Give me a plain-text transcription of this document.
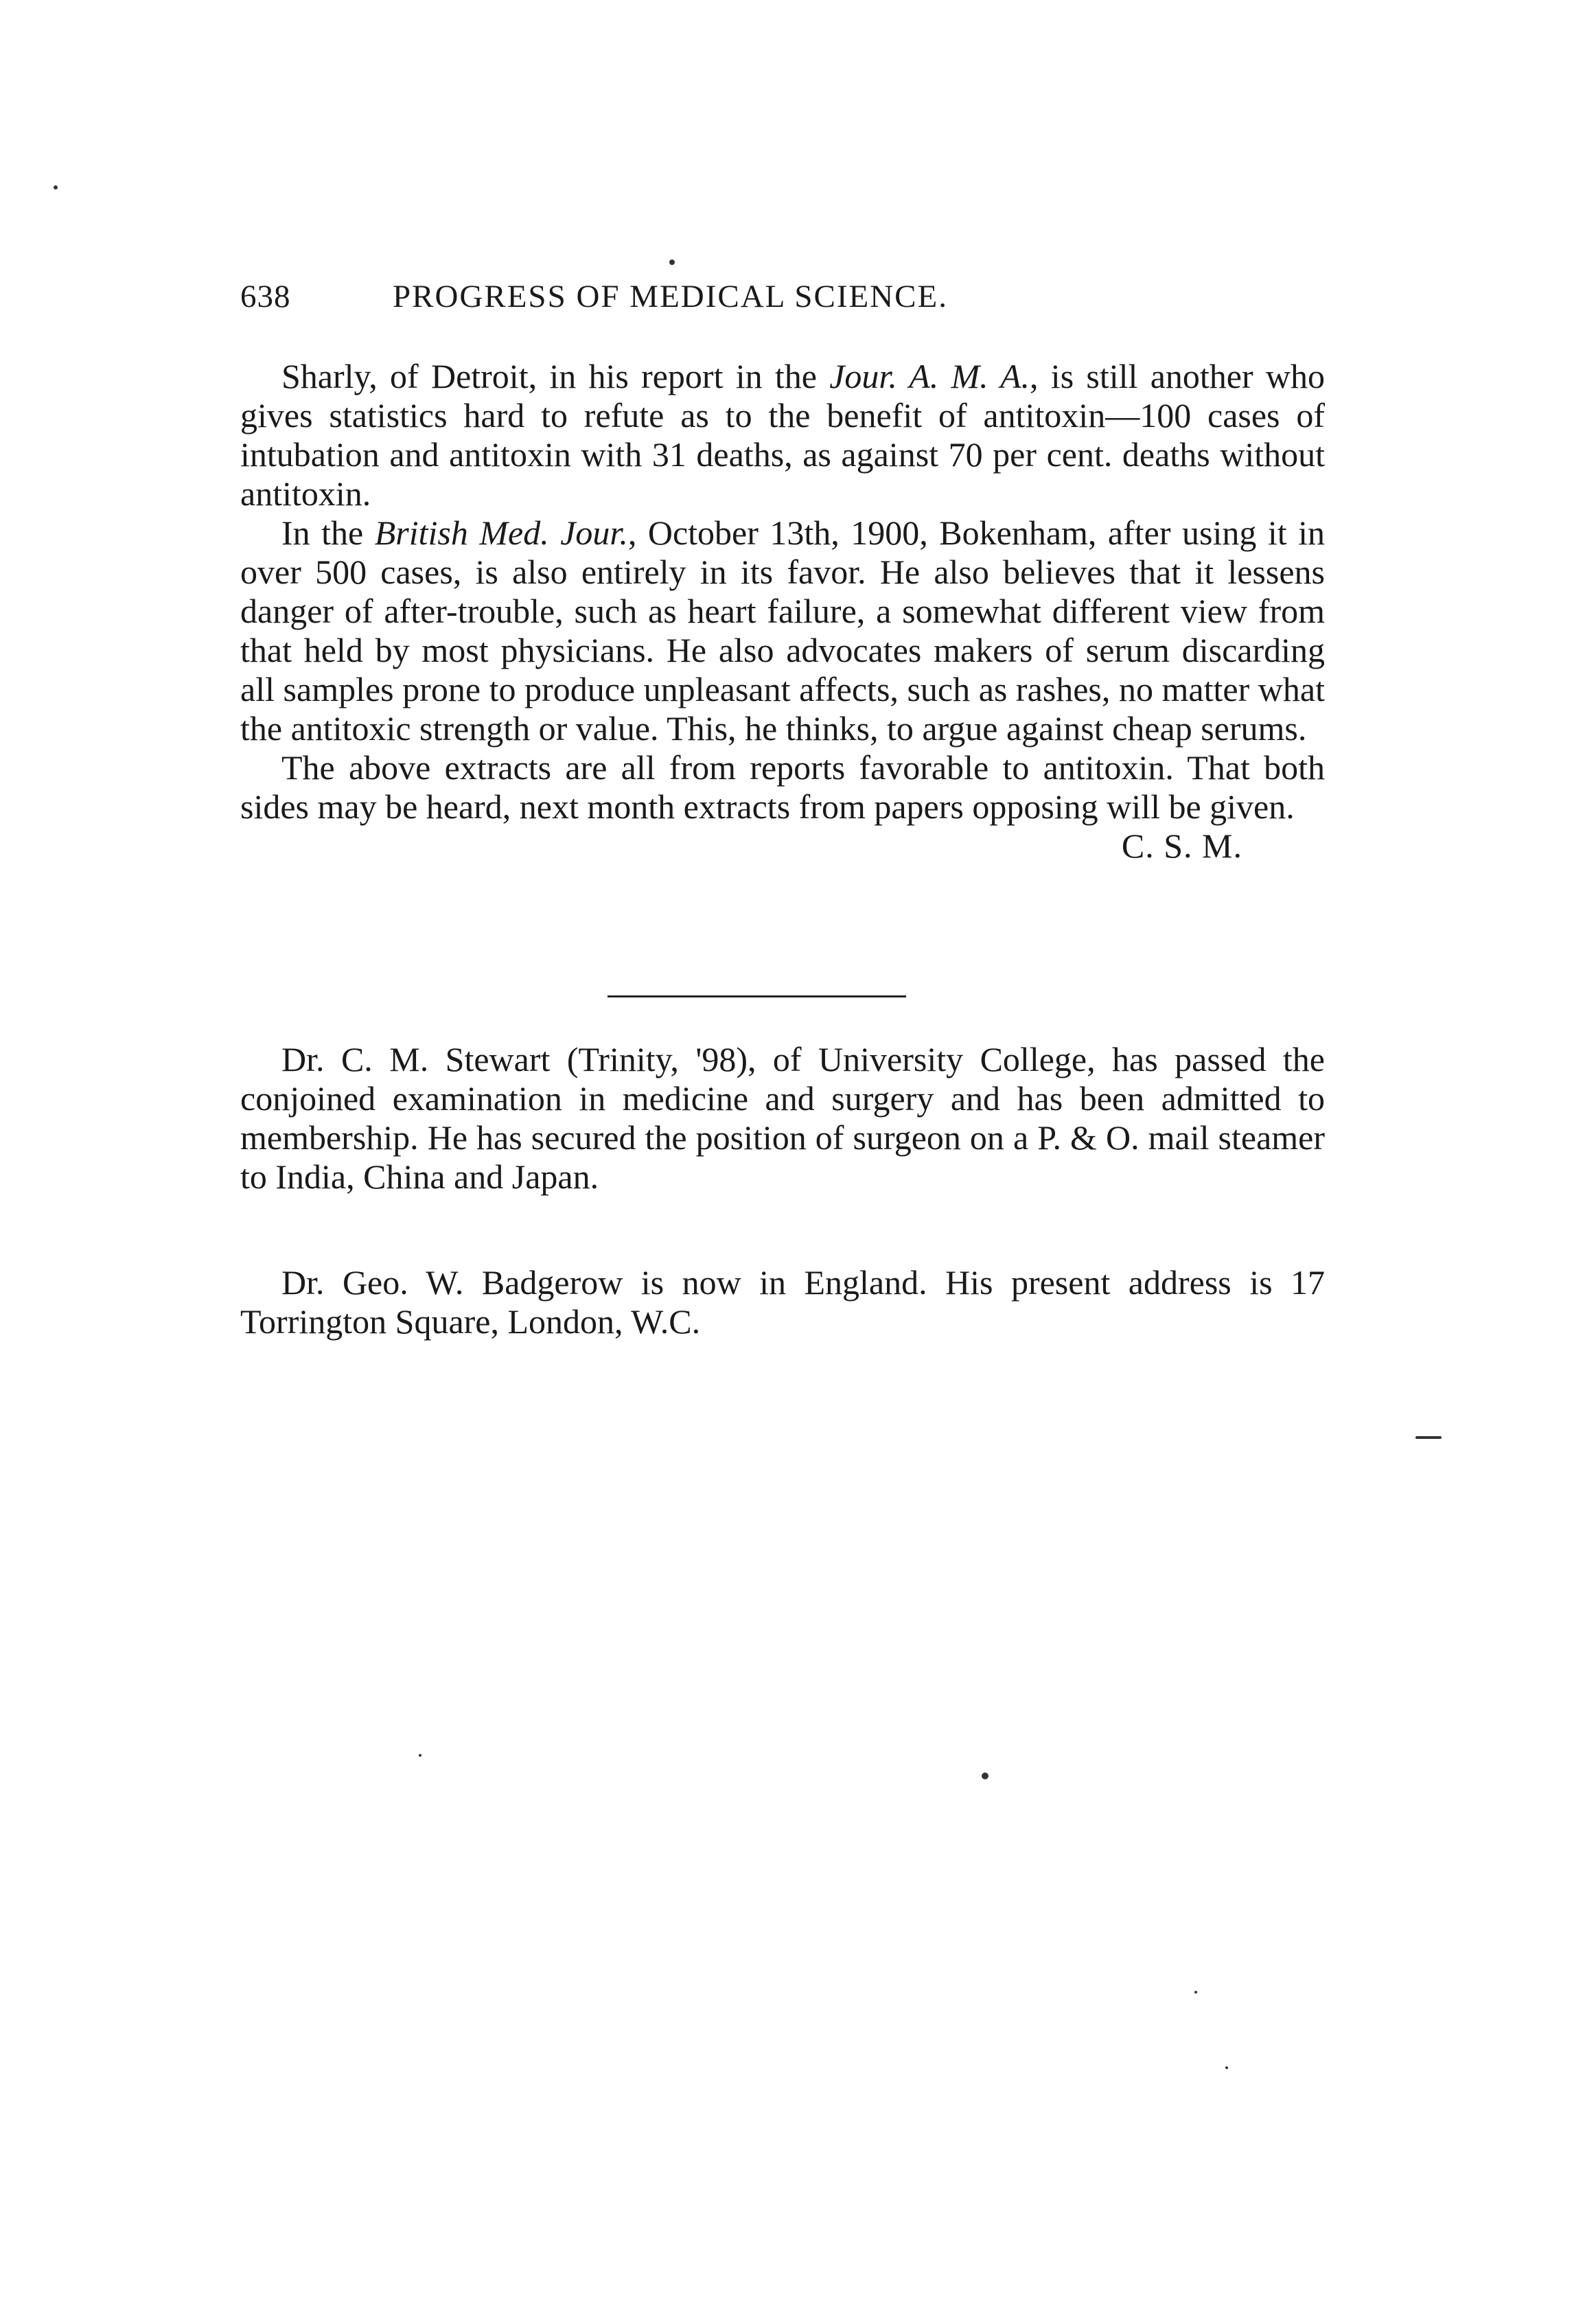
638	PROGRESS OF MEDICAL SCIENCE.

Sharly, of Detroit, in his report in the Jour. A. M. A., is still another who gives statistics hard to refute as to the benefit of antitoxin—100 cases of intubation and antitoxin with 31 deaths, as against 70 per cent. deaths without antitoxin.

In the British Med. Jour., October 13th, 1900, Bokenham, after using it in over 500 cases, is also entirely in its favor. He also believes that it lessens danger of after-trouble, such as heart failure, a somewhat different view from that held by most physicians. He also advocates makers of serum discarding all samples prone to produce unpleasant affects, such as rashes, no matter what the antitoxic strength or value. This, he thinks, to argue against cheap serums.

The above extracts are all from reports favorable to antitoxin. That both sides may be heard, next month extracts from papers opposing will be given.

C. S. M.

Dr. C. M. Stewart (Trinity, '98), of University College, has passed the conjoined examination in medicine and surgery and has been admitted to membership. He has secured the position of surgeon on a P. & O. mail steamer to India, China and Japan.

Dr. Geo. W. Badgerow is now in England. His present address is 17 Torrington Square, London, W.C.
